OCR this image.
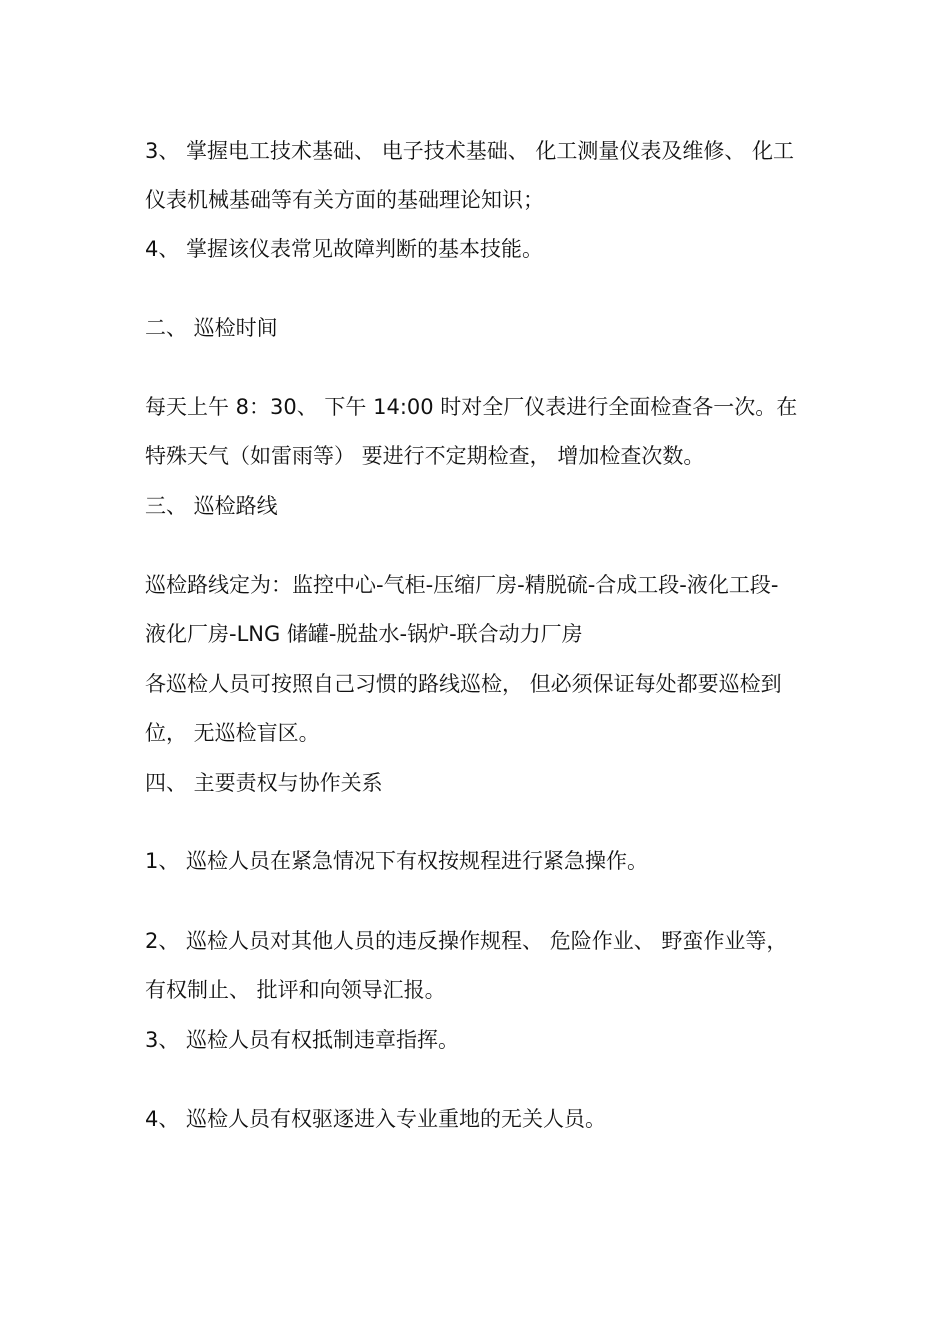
3、 掌握电工技术基础、 电子技术基础、 化工测量仪表及维修、 化工
仪表机械基础等有关方面的基础理论知识；
4、 掌握该仪表常见故障判断的基本技能。
二、 巡检时间
每天上午 8：30、 下午 14:00 时对全厂仪表进行全面检查各一次。在
特殊天气（如雷雨等） 要进行不定期检查， 增加检查次数。
三、 巡检路线
巡检路线定为：监控中心-气柜-压缩厂房-精脱硫-合成工段-液化工段-
液化厂房-LNG 储罐-脱盐水-锅炉-联合动力厂房
各巡检人员可按照自己习惯的路线巡检， 但必须保证每处都要巡检到
位， 无巡检盲区。
四、 主要责权与协作关系
1、 巡检人员在紧急情况下有权按规程进行紧急操作。
2、 巡检人员对其他人员的违反操作规程、 危险作业、 野蛮作业等，
有权制止、 批评和向领导汇报。
3、 巡检人员有权抵制违章指挥。
4、 巡检人员有权驱逐进入专业重地的无关人员。
